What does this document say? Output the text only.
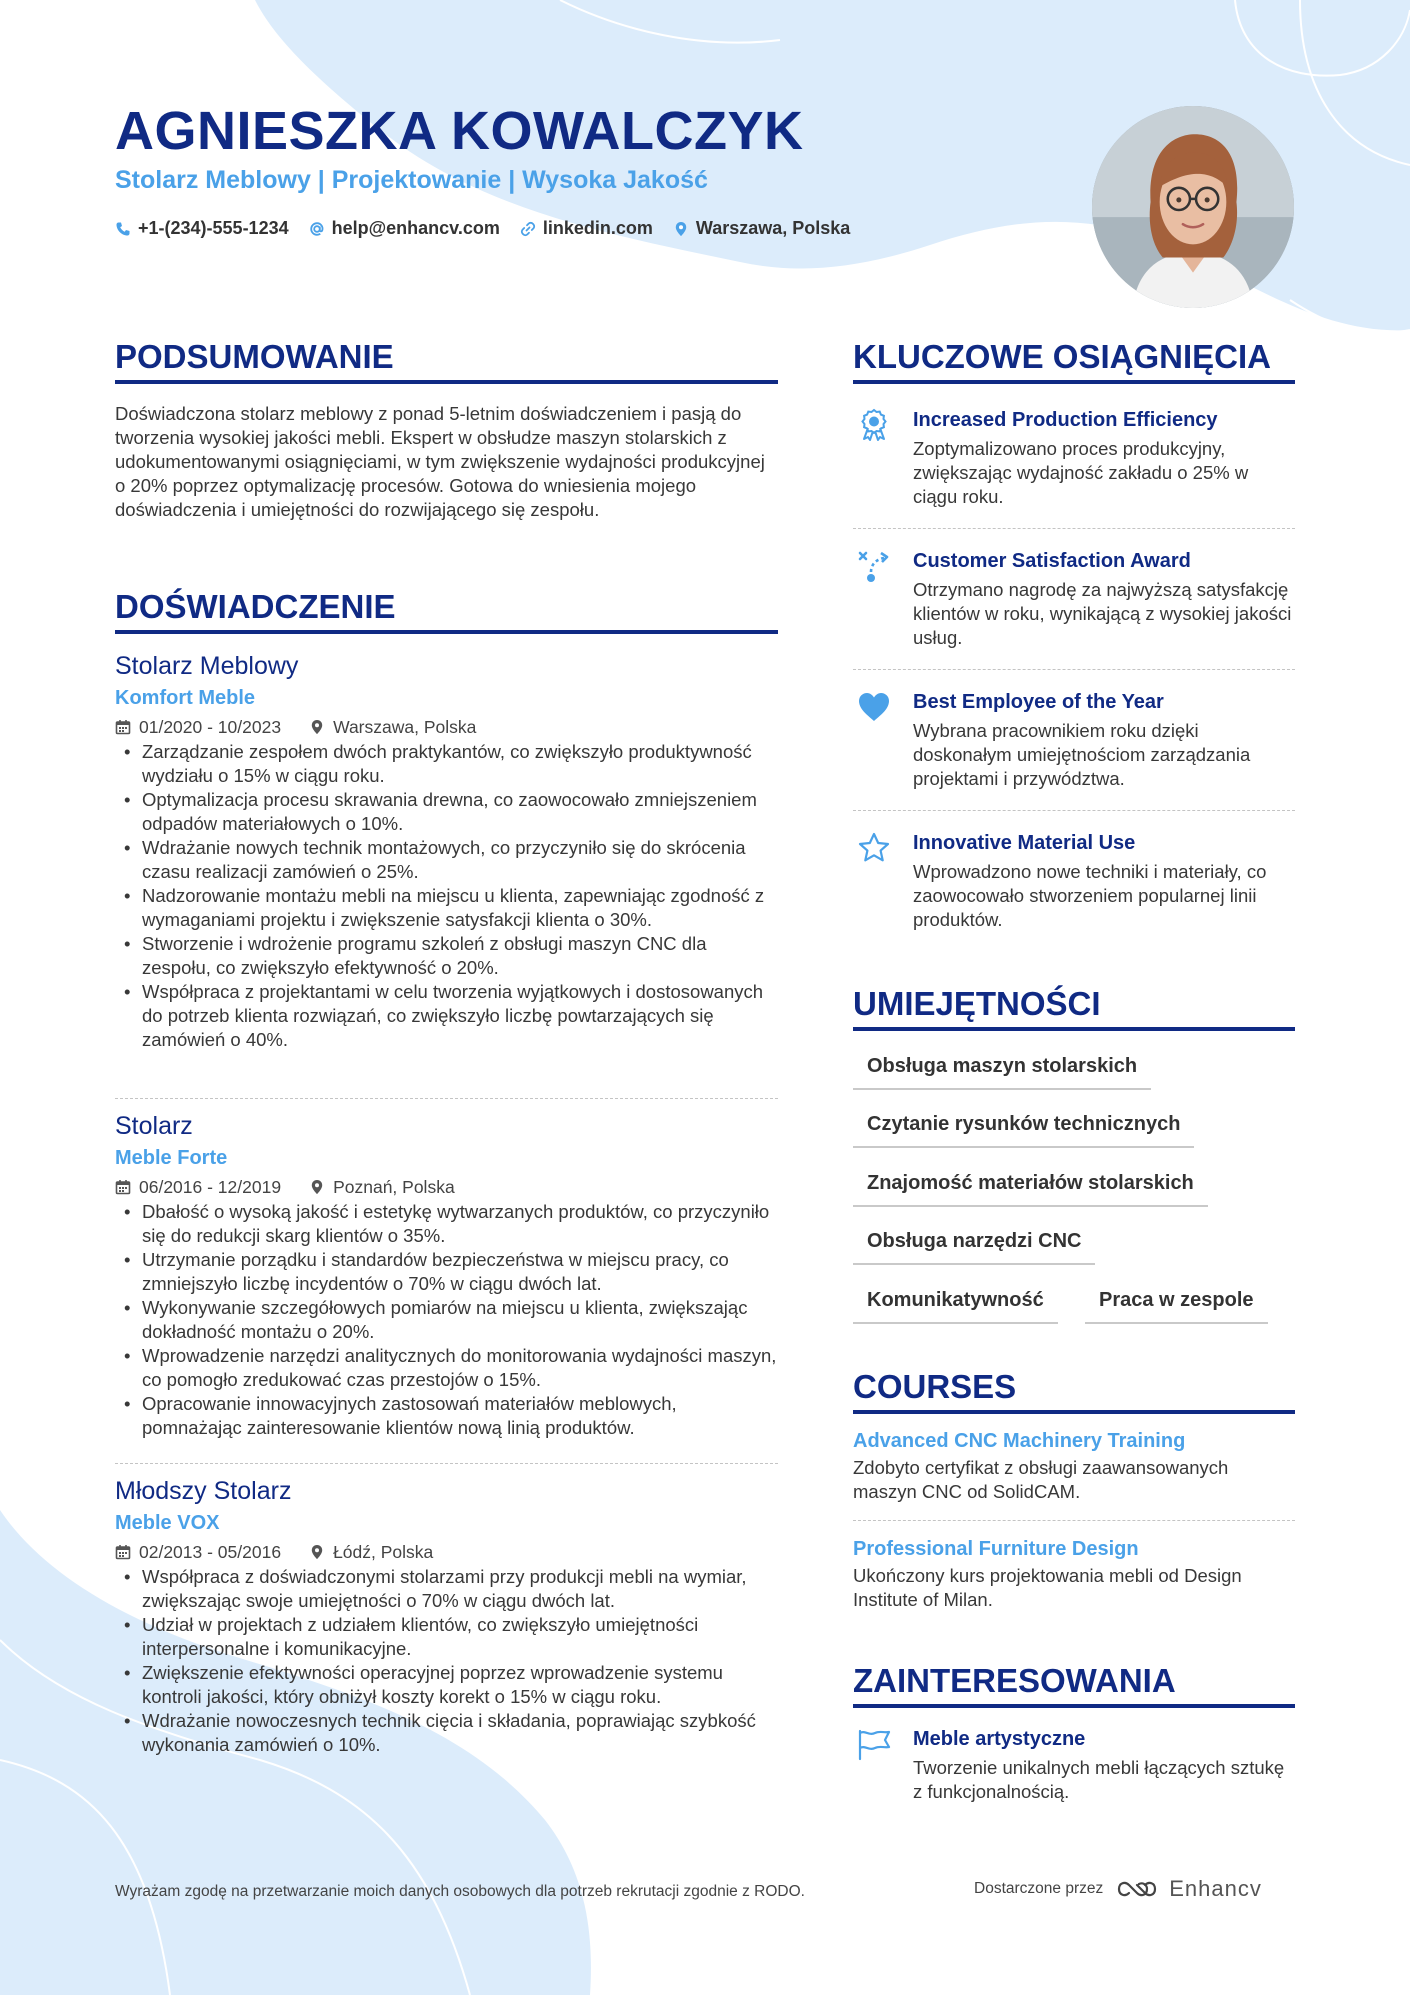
AGNIESZKA KOWALCZYK
Stolarz Meblowy | Projektowanie | Wysoka Jakość
+1-(234)-555-1234 help@enhancv.com linkedin.com Warszawa, Polska
PODSUMOWANIE
Doświadczona stolarz meblowy z ponad 5-letnim doświadczeniem i pasją do tworzenia wysokiej jakości mebli. Ekspert w obsłudze maszyn stolarskich z udokumentowanymi osiągnięciami, w tym zwiększenie wydajności produkcyjnej o 20% poprzez optymalizację procesów. Gotowa do wniesienia mojego doświadczenia i umiejętności do rozwijającego się zespołu.
DOŚWIADCZENIE
Stolarz Meblowy
Komfort Meble
01/2020 - 10/2023	Warszawa, Polska
• Zarządzanie zespołem dwóch praktykantów, co zwiększyło produktywność wydziału o 15% w ciągu roku.
• Optymalizacja procesu skrawania drewna, co zaowocowało zmniejszeniem odpadów materiałowych o 10%.
• Wdrażanie nowych technik montażowych, co przyczyniło się do skrócenia czasu realizacji zamówień o 25%.
• Nadzorowanie montażu mebli na miejscu u klienta, zapewniając zgodność z wymaganiami projektu i zwiększenie satysfakcji klienta o 30%.
• Stworzenie i wdrożenie programu szkoleń z obsługi maszyn CNC dla zespołu, co zwiększyło efektywność o 20%.
• Współpraca z projektantami w celu tworzenia wyjątkowych i dostosowanych do potrzeb klienta rozwiązań, co zwiększyło liczbę powtarzających się zamówień o 40%.
Stolarz
Meble Forte
06/2016 - 12/2019	Poznań, Polska
• Dbałość o wysoką jakość i estetykę wytwarzanych produktów, co przyczyniło się do redukcji skarg klientów o 35%.
• Utrzymanie porządku i standardów bezpieczeństwa w miejscu pracy, co zmniejszyło liczbę incydentów o 70% w ciągu dwóch lat.
• Wykonywanie szczegółowych pomiarów na miejscu u klienta, zwiększając dokładność montażu o 20%.
• Wprowadzenie narzędzi analitycznych do monitorowania wydajności maszyn, co pomogło zredukować czas przestojów o 15%.
• Opracowanie innowacyjnych zastosowań materiałów meblowych, pomnażając zainteresowanie klientów nową linią produktów.
Młodszy Stolarz
Meble VOX
02/2013 - 05/2016	Łódź, Polska
• Współpraca z doświadczonymi stolarzami przy produkcji mebli na wymiar, zwiększając swoje umiejętności o 70% w ciągu dwóch lat.
• Udział w projektach z udziałem klientów, co zwiększyło umiejętności interpersonalne i komunikacyjne.
• Zwiększenie efektywności operacyjnej poprzez wprowadzenie systemu kontroli jakości, który obniżył koszty korekt o 15% w ciągu roku.
• Wdrażanie nowoczesnych technik cięcia i składania, poprawiając szybkość wykonania zamówień o 10%.
KLUCZOWE OSIĄGNIĘCIA
Increased Production Efficiency
Zoptymalizowano proces produkcyjny, zwiększając wydajność zakładu o 25% w ciągu roku.
Customer Satisfaction Award
Otrzymano nagrodę za najwyższą satysfakcję klientów w roku, wynikającą z wysokiej jakości usług.
Best Employee of the Year
Wybrana pracownikiem roku dzięki doskonałym umiejętnościom zarządzania projektami i przywództwa.
Innovative Material Use
Wprowadzono nowe techniki i materiały, co zaowocowało stworzeniem popularnej linii produktów.
UMIEJĘTNOŚCI
Obsługa maszyn stolarskich
Czytanie rysunków technicznych
Znajomość materiałów stolarskich
Obsługa narzędzi CNC
Komunikatywność	Praca w zespole
COURSES
Advanced CNC Machinery Training
Zdobyto certyfikat z obsługi zaawansowanych maszyn CNC od SolidCAM.
Professional Furniture Design
Ukończony kurs projektowania mebli od Design Institute of Milan.
ZAINTERESOWANIA
Meble artystyczne
Tworzenie unikalnych mebli łączących sztukę z funkcjonalnością.
Wyrażam zgodę na przetwarzanie moich danych osobowych dla potrzeb rekrutacji zgodnie z RODO.	Dostarczone przez	Enhancv
